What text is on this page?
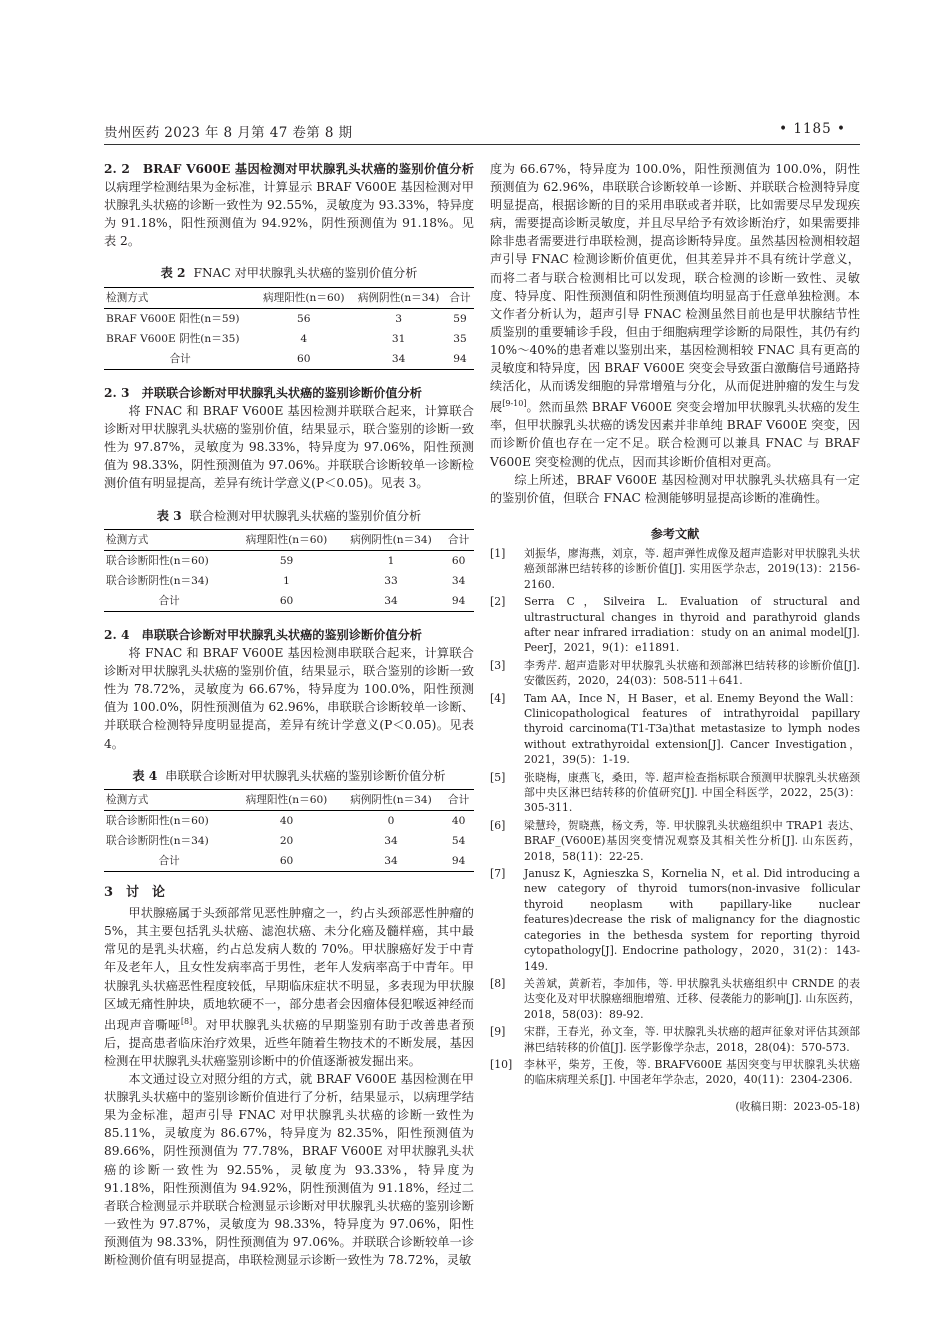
贵州医药 2023 年 8 月第 47 卷第 8 期	• 1185 •

2. 2　BRAF V600E 基因检测对甲状腺乳头状癌的鉴别价值分析　以病理学检测结果为金标准，计算显示 BRAF V600E 基因检测对甲状腺乳头状癌的诊断一致性为 92.55%，灵敏度为 93.33%，特异度为 91.18%，阳性预测值为 94.92%，阴性预测值为 91.18%。见表 2。

表 2 FNAC 对甲状腺乳头状癌的鉴别价值分析
检测方式	病理阳性(n＝60)	病例阴性(n＝34)	合计
BRAF V600E 阳性(n＝59)	56	3	59
BRAF V600E 阴性(n＝35)	4	31	35
合计	60	34	94

2. 3　并联联合诊断对甲状腺乳头状癌的鉴别诊断价值分析

将 FNAC 和 BRAF V600E 基因检测并联联合起来，计算联合诊断对甲状腺乳头状癌的鉴别价值，结果显示，联合鉴别的诊断一致性为 97.87%，灵敏度为 98.33%，特异度为 97.06%，阳性预测值为 98.33%，阴性预测值为 97.06%。并联联合诊断较单一诊断检测价值有明显提高，差异有统计学意义(P＜0.05)。见表 3。

表 3 联合检测对甲状腺乳头状癌的鉴别价值分析
检测方式	病理阳性(n＝60)	病例阴性(n＝34)	合计
联合诊断阳性(n＝60)	59	1	60
联合诊断阴性(n＝34)	1	33	34
合计	60	34	94

2. 4　串联联合诊断对甲状腺乳头状癌的鉴别诊断价值分析

将 FNAC 和 BRAF V600E 基因检测串联联合起来，计算联合诊断对甲状腺乳头状癌的鉴别价值，结果显示，联合鉴别的诊断一致性为 78.72%，灵敏度为 66.67%，特异度为 100.0%，阳性预测值为 100.0%，阴性预测值为 62.96%，串联联合诊断较单一诊断、并联联合检测特异度明显提高，差异有统计学意义(P＜0.05)。见表 4。

表 4 串联联合诊断对甲状腺乳头状癌的鉴别诊断价值分析
检测方式	病理阳性(n＝60)	病例阴性(n＝34)	合计
联合诊断阳性(n＝60)	40	0	40
联合诊断阴性(n＝34)	20	34	54
合计	60	34	94
3　讨　论

甲状腺癌属于头颈部常见恶性肿瘤之一，约占头颈部恶性肿瘤的 5%，其主要包括乳头状癌、滤泡状癌、未分化癌及髓样癌，其中最常见的是乳头状癌，约占总发病人数的 70%。甲状腺癌好发于中青年及老年人，且女性发病率高于男性，老年人发病率高于中青年。甲状腺乳头状癌恶性程度较低，早期临床症状不明显，多表现为甲状腺区域无痛性肿块，质地软硬不一，部分患者会因瘤体侵犯喉返神经而出现声音嘶哑[8]。对甲状腺乳头状癌的早期鉴别有助于改善患者预后，提高患者临床治疗效果，近些年随着生物技术的不断发展，基因检测在甲状腺乳头状癌鉴别诊断中的价值逐渐被发掘出来。

本文通过设立对照分组的方式，就 BRAF V600E 基因检测在甲状腺乳头状癌中的鉴别诊断价值进行了分析，结果显示，以病理学结果为金标准，超声引导 FNAC 对甲状腺乳头状癌的诊断一致性为 85.11%，灵敏度为 86.67%，特异度为 82.35%，阳性预测值为 89.66%，阴性预测值为 77.78%，BRAF V600E 对甲状腺乳头状癌的诊断一致性为 92.55%，灵敏度为 93.33%，特异度为 91.18%，阳性预测值为 94.92%，阴性预测值为 91.18%，经过二者联合检测显示并联联合检测显示诊断对甲状腺乳头状癌的鉴别诊断一致性为 97.87%，灵敏度为 98.33%，特异度为 97.06%，阳性预测值为 98.33%，阴性预测值为 97.06%。并联联合诊断较单一诊断检测价值有明显提高，串联检测显示诊断一致性为 78.72%，灵敏

度为 66.67%，特异度为 100.0%，阳性预测值为 100.0%，阴性预测值为 62.96%，串联联合诊断较单一诊断、并联联合检测特异度明显提高，根据诊断的目的采用串联或者并联，比如需要尽早发现疾病，需要提高诊断灵敏度，并且尽早给予有效诊断治疗，如果需要排除非患者需要进行串联检测，提高诊断特异度。虽然基因检测相较超声引导 FNAC 检测诊断价值更优，但其差异并不具有统计学意义，而将二者与联合检测相比可以发现，联合检测的诊断一致性、灵敏度、特异度、阳性预测值和阴性预测值均明显高于任意单独检测。本文作者分析认为，超声引导 FNAC 检测虽然目前也是甲状腺结节性质鉴别的重要辅诊手段，但由于细胞病理学诊断的局限性，其仍有约 10%～40%的患者难以鉴别出来，基因检测相较 FNAC 具有更高的灵敏度和特异度，因 BRAF V600E 突变会导致蛋白激酶信号通路持续活化，从而诱发细胞的异常增殖与分化，从而促进肿瘤的发生与发展[9-10]。然而虽然 BRAF V600E 突变会增加甲状腺乳头状癌的发生率，但甲状腺乳头状癌的诱发因素并非单纯 BRAF V600E 突变，因而诊断价值也存在一定不足。联合检测可以兼具 FNAC 与 BRAF V600E 突变检测的优点，因而其诊断价值相对更高。

综上所述，BRAF V600E 基因检测对甲状腺乳头状癌具有一定的鉴别价值，但联合 FNAC 检测能够明显提高诊断的准确性。

参考文献
[1]	刘振华，廖海燕，刘京，等. 超声弹性成像及超声造影对甲状腺乳头状癌颈部淋巴结转移的诊断价值[J]. 实用医学杂志，2019(13)：2156-2160.
[2]	Serra C，Silveira L. Evaluation of structural and ultrastructural changes in thyroid and parathyroid glands after near infrared irradiation：study on an animal model[J]. PeerJ，2021，9(1)：e11891.
[3]	李秀芹. 超声造影对甲状腺乳头状癌和颈部淋巴结转移的诊断价值[J]. 安徽医药，2020，24(03)：508-511＋641.
[4]	Tam AA，Ince N，H Baser，et al. Enemy Beyond the Wall：Clinicopathological features of intrathyroidal papillary thyroid carcinoma(T1-T3a)that metastasize to lymph nodes without extrathyroidal extension[J]. Cancer Investigation，2021，39(5)：1-19.
[5]	张晓梅，康燕飞，桑田，等. 超声检查指标联合预测甲状腺乳头状癌颈部中央区淋巴结转移的价值研究[J]. 中国全科医学，2022，25(3)：305-311.
[6]	梁慧玲，贺晓燕，杨文秀，等. 甲状腺乳头状癌组织中 TRAP1 表达、BRAF_(V600E)基因突变情况观察及其相关性分析[J]. 山东医药，2018，58(11)：22-25.
[7]	Janusz K，Agnieszka S，Kornelia N，et al. Did introducing a new category of thyroid tumors(non-invasive follicular thyroid neoplasm with papillary-like nuclear features)decrease the risk of malignancy for the diagnostic categories in the bethesda system for reporting thyroid cytopathology[J]. Endocrine pathology，2020，31(2)：143-149.
[8]	关善斌，黄新若，李加伟，等. 甲状腺乳头状癌组织中 CRNDE 的表达变化及对甲状腺癌细胞增殖、迁移、侵袭能力的影响[J]. 山东医药，2018，58(03)：89-92.
[9]	宋群，王春光，孙文奎，等. 甲状腺乳头状癌的超声征象对评估其颈部淋巴结转移的价值[J]. 医学影像学杂志，2018，28(04)：570-573.
[10]	李林平，柴芳，王俊，等. BRAFV600E 基因突变与甲状腺乳头状癌的临床病理关系[J]. 中国老年学杂志，2020，40(11)：2304-2306.
(收稿日期：2023-05-18)
